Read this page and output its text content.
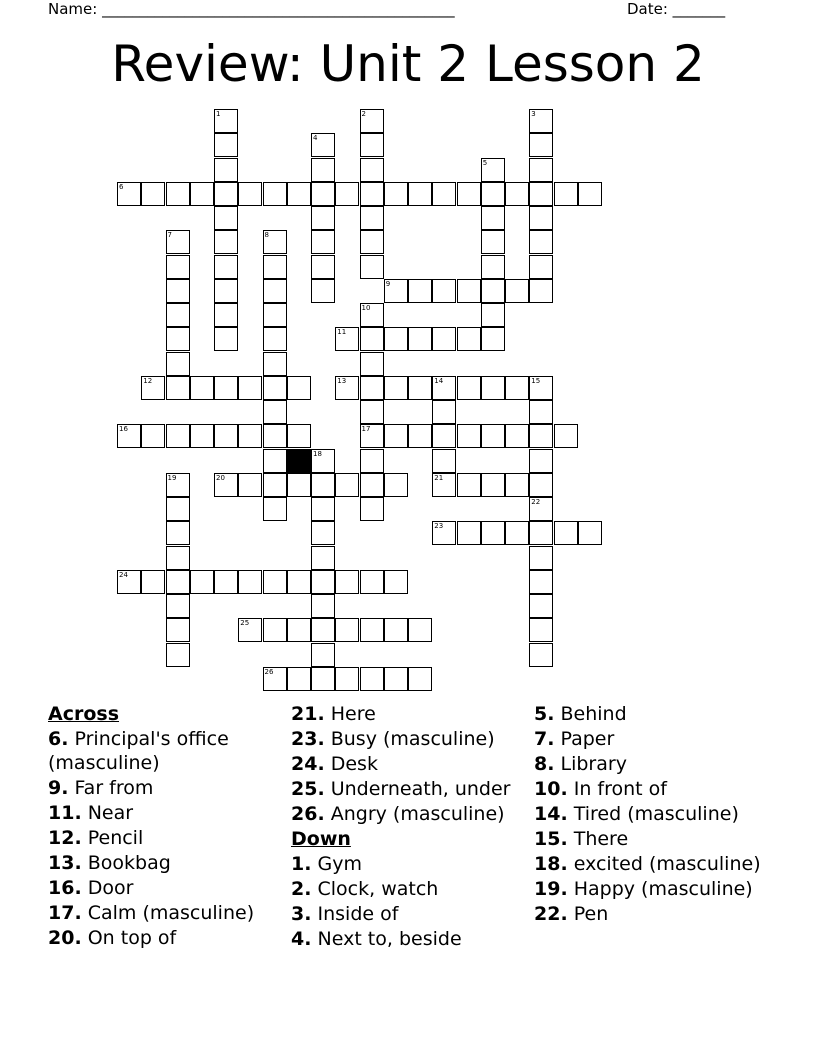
Name: _______________________________________________	Date: _______
Review: Unit 2 Lesson 2
6
9
11
12	13	14	15
16	17
20	21
23
24
25
26
1	2	3
4
5
7	8
10
18
19
22
Across
6. Principal's office (masculine)
9. Far from
11. Near
12. Pencil
13. Bookbag
16. Door
17. Calm (masculine)
20. On top of
21. Here
23. Busy (masculine)
24. Desk
25. Underneath, under
26. Angry (masculine)
Down
1. Gym
2. Clock, watch
3. Inside of
4. Next to, beside
5. Behind
7. Paper
8. Library
10. In front of
14. Tired (masculine)
15. There
18. excited (masculine)
19. Happy (masculine)
22. Pen
